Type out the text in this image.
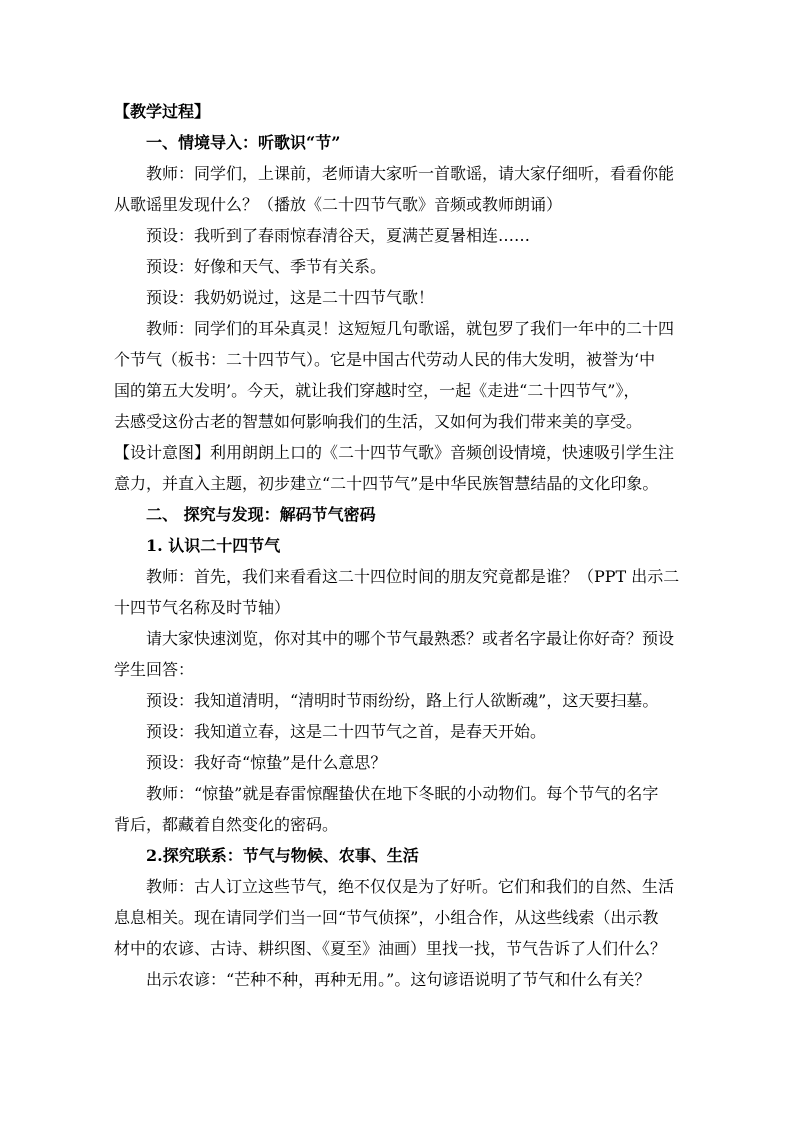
【教学过程】
一、情境导入：听歌识“节”
教师：同学们，上课前，老师请大家听一首歌谣，请大家仔细听，看看你能
从歌谣里发现什么？（播放《二十四节气歌》音频或教师朗诵）
预设：我听到了春雨惊春清谷天，夏满芒夏暑相连……
预设：好像和天气、季节有关系。
预设：我奶奶说过，这是二十四节气歌！
教师：同学们的耳朵真灵！这短短几句歌谣，就包罗了我们一年中的二十四
个节气（板书：二十四节气）。它是中国古代劳动人民的伟大发明，被誉为‘中
国的第五大发明’。今天，就让我们穿越时空，一起《走进“二十四节气”》，
去感受这份古老的智慧如何影响我们的生活，又如何为我们带来美的享受。
【设计意图】利用朗朗上口的《二十四节气歌》音频创设情境，快速吸引学生注
意力，并直入主题，初步建立“二十四节气”是中华民族智慧结晶的文化印象。
二、 探究与发现：解码节气密码
1. 认识二十四节气
教师：首先，我们来看看这二十四位时间的朋友究竟都是谁？（PPT 出示二
十四节气名称及时节轴）
请大家快速浏览，你对其中的哪个节气最熟悉？或者名字最让你好奇？预设
学生回答：
预设：我知道清明，“清明时节雨纷纷，路上行人欲断魂”，这天要扫墓。
预设：我知道立春，这是二十四节气之首，是春天开始。
预设：我好奇“惊蛰”是什么意思？
教师：“惊蛰”就是春雷惊醒蛰伏在地下冬眠的小动物们。每个节气的名字
背后，都藏着自然变化的密码。
2.探究联系：节气与物候、农事、生活
教师：古人订立这些节气，绝不仅仅是为了好听。它们和我们的自然、生活
息息相关。现在请同学们当一回“节气侦探”，小组合作，从这些线索（出示教
材中的农谚、古诗、耕织图、《夏至》油画）里找一找，节气告诉了人们什么？
出示农谚：“芒种不种，再种无用。”。这句谚语说明了节气和什么有关？
